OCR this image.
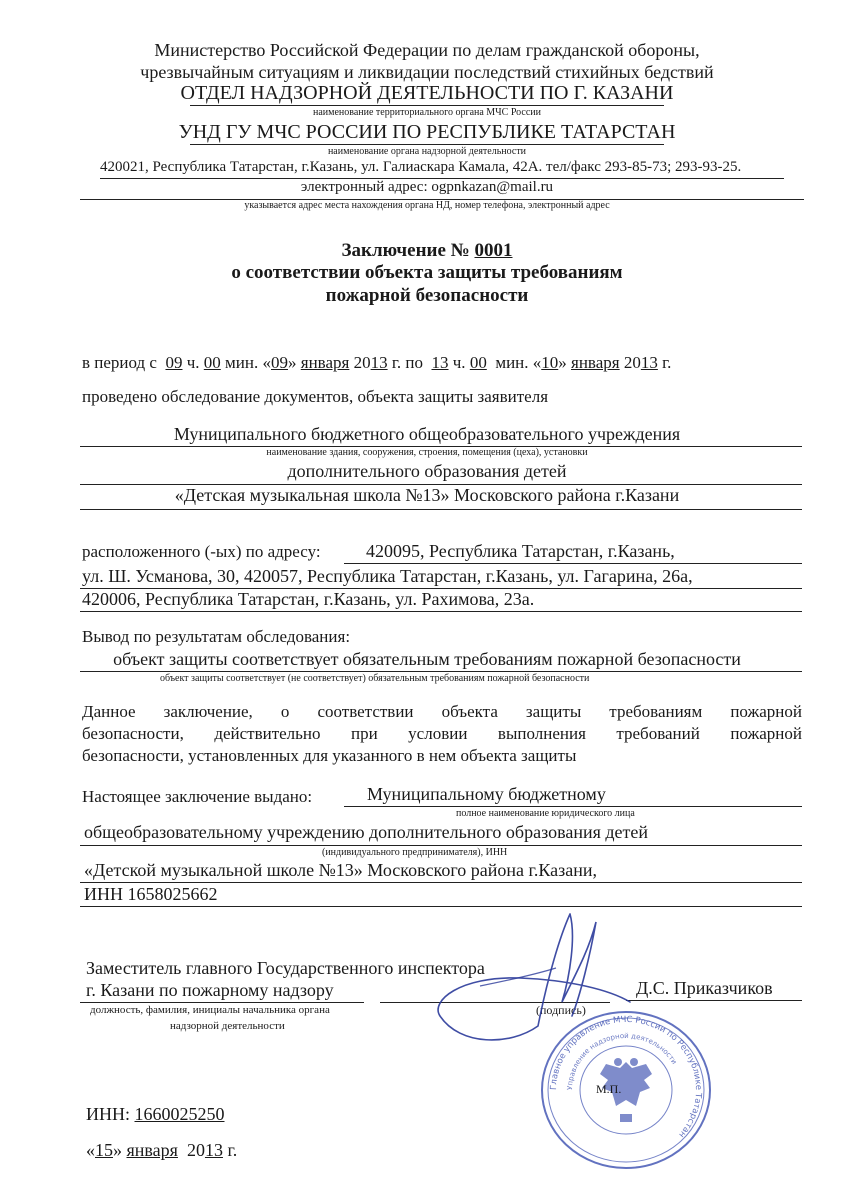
Министерство Российской Федерации по делам гражданской обороны,
чрезвычайным ситуациям и ликвидации последствий стихийных бедствий
ОТДЕЛ НАДЗОРНОЙ ДЕЯТЕЛЬНОСТИ ПО Г. КАЗАНИ
наименование территориального органа МЧС России
УНД ГУ МЧС РОССИИ ПО РЕСПУБЛИКЕ ТАТАРСТАН
наименование органа надзорной деятельности
420021, Республика Татарстан, г.Казань, ул. Галиаскара Камала, 42А. тел/факс 293-85-73; 293-93-25.
электронный адрес: ogpnkazan@mail.ru
указывается адрес места нахождения органа НД, номер телефона, электронный адрес
Заключение № 0001
о соответствии объекта защиты требованиям
пожарной безопасности
в период с 09 ч. 00 мин. «09» января 2013 г. по 13 ч. 00 мин. «10» января 2013 г.
проведено обследование документов, объекта защиты заявителя
Муниципального бюджетного общеобразовательного учреждения
наименование здания, сооружения, строения, помещения (цеха), установки
дополнительного образования детей
«Детская музыкальная школа №13» Московского района г.Казани
расположенного (-ых) по адресу:	420095, Республика Татарстан, г.Казань,
ул. Ш. Усманова, 30, 420057, Республика Татарстан, г.Казань, ул. Гагарина, 26а,
420006, Республика Татарстан, г.Казань, ул. Рахимова, 23а.
Вывод по результатам обследования:
объект защиты соответствует обязательным требованиям пожарной безопасности
объект защиты соответствует (не соответствует) обязательным требованиям пожарной безопасности
Данное заключение, о соответствии объекта защиты требованиям пожарной
безопасности, действительно при условии выполнения требований пожарной
безопасности, установленных для указанного в нем объекта защиты
Настоящее заключение выдано:	Муниципальному бюджетному
полное наименование юридического лица
общеобразовательному учреждению дополнительного образования детей
(индивидуального предпринимателя), ИНН
«Детской музыкальной школе №13» Московского района г.Казани,
ИНН 1658025662
Главное управление МЧС России по Республике Татарстан
Управление надзорной деятельности
Заместитель главного Государственного инспектора
г. Казани по пожарному надзору	Д.С. Приказчиков
должность, фамилия, инициалы начальника органа
надзорной деятельности
(подпись)
М.П.
ИНН: 1660025250
«15» января 2013 г.
